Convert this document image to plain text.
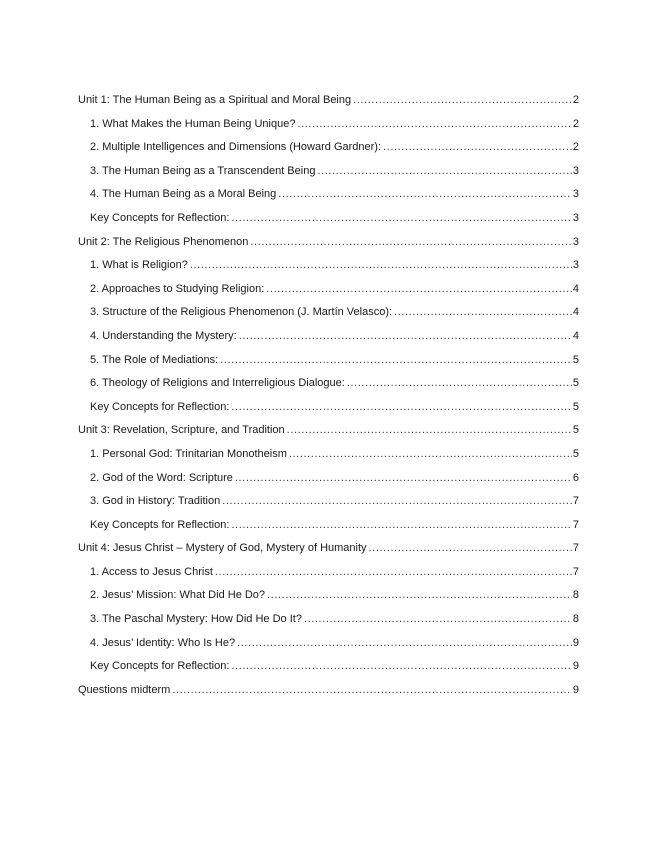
Unit 1: The Human Being as a Spiritual and Moral Being .....	2
1. What Makes the Human Being Unique? .....	2
2. Multiple Intelligences and Dimensions (Howard Gardner): .....	2
3. The Human Being as a Transcendent Being .....	3
4. The Human Being as a Moral Being .....	3
Key Concepts for Reflection: .....	3
Unit 2: The Religious Phenomenon .....	3
1. What is Religion? .....	3
2. Approaches to Studying Religion: .....	4
3. Structure of the Religious Phenomenon (J. Martín Velasco): .....	4
4. Understanding the Mystery: .....	4
5. The Role of Mediations: .....	5
6. Theology of Religions and Interreligious Dialogue: .....	5
Key Concepts for Reflection: .....	5
Unit 3: Revelation, Scripture, and Tradition .....	5
1. Personal God: Trinitarian Monotheism .....	5
2. God of the Word: Scripture .....	6
3. God in History: Tradition .....	7
Key Concepts for Reflection: .....	7
Unit 4: Jesus Christ – Mystery of God, Mystery of Humanity .....	7
1. Access to Jesus Christ .....	7
2. Jesus’ Mission: What Did He Do? .....	8
3. The Paschal Mystery: How Did He Do It? .....	8
4. Jesus’ Identity: Who Is He? .....	9
Key Concepts for Reflection: .....	9
Questions midterm .....	9
